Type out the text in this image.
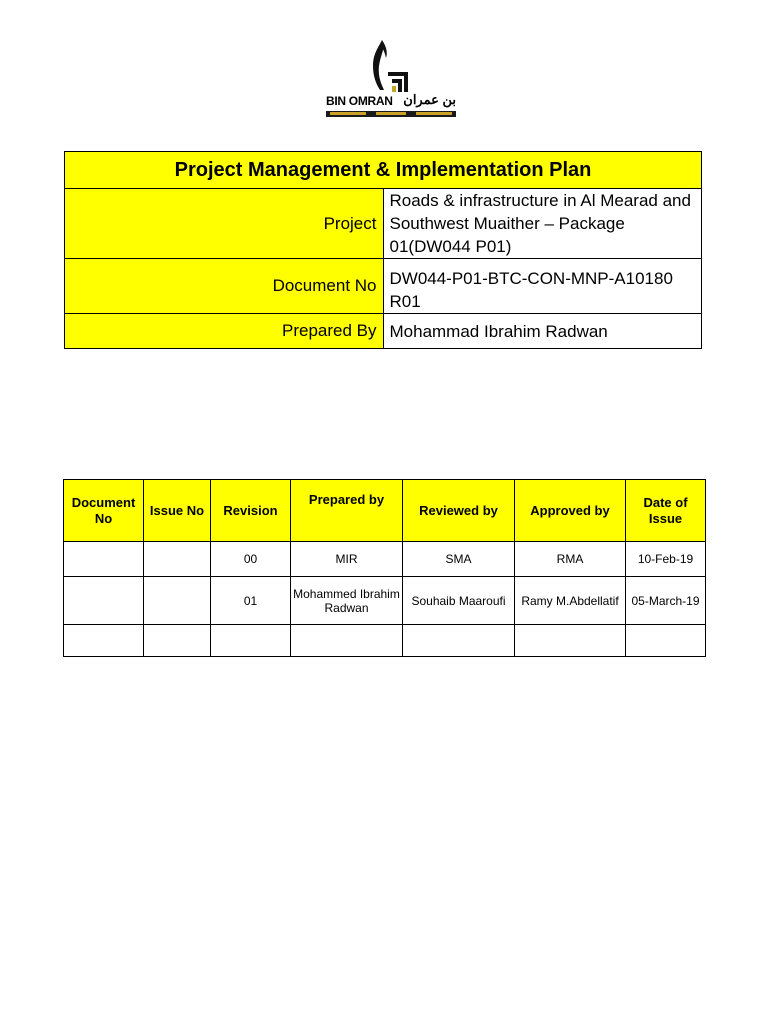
BIN OMRAN بن عمران
Project Management & Implementation Plan	
Project	Roads & infrastructure in Al Mearad and Southwest Muaither – Package 01(DW044 P01)
Document No	DW044-P01-BTC-CON-MNP-A10180 R01
Prepared By	Mohammad Ibrahim Radwan
Document No	Issue No	Revision	Prepared by	Reviewed by	Approved by	Date of Issue
		00	MIR	SMA	RMA	10-Feb-19
		01	Mohammed Ibrahim Radwan	Souhaib Maaroufi	Ramy M.Abdellatif	05-March-19
